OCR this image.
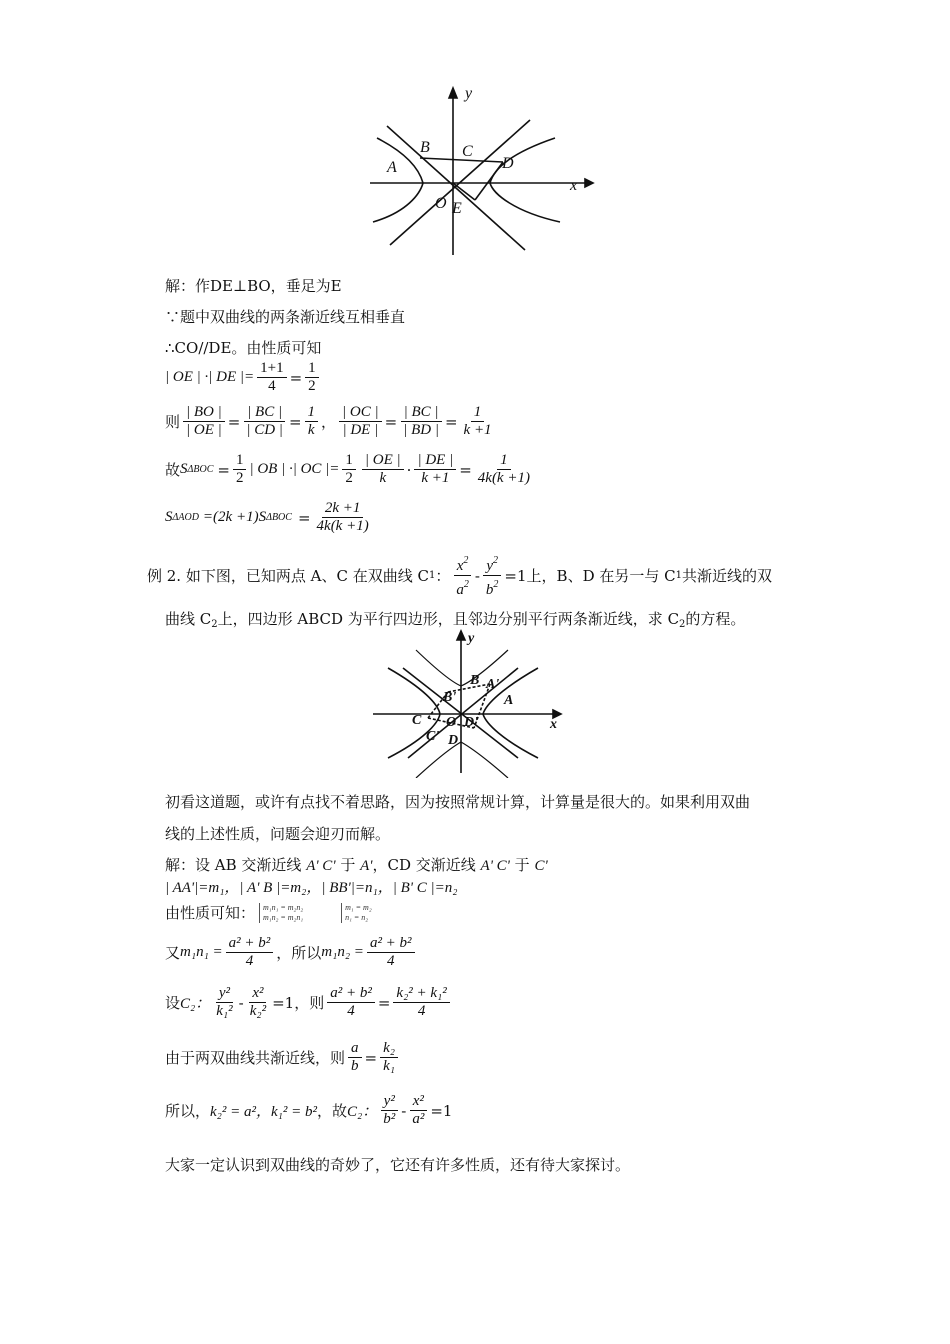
y
x
A
B C
D
O E
解：作DE⊥BO，垂足为E
∵题中双曲线的两条渐近线互相垂直
∴CO//DE。由性质可知
| OE | ·| DE |= $\frac{1+1}{4} = \frac{1}{2}$
则 $\frac{| BO |}{| OE |} = \frac{| BC |}{| CD |} = \frac{1}{k}$ ， $\frac{| OC |}{| DE |} = \frac{| BC |}{| BD |} = \frac{1}{k +1}$
故 S $\Delta BOC = \frac{1}{2}$ | OB | ·| OC |= $\frac{1}{2} \frac{| OE |}{k} \cdot \frac{| DE |}{k +1} = \frac{1}{4k(k +1)}$
S ΔAOD =(2k +1)S $\Delta BOC = \frac{2k +1}{4k(k +1)}$
例 2. 如下图，已知两点 A、C 在双曲线 C 1 ：
$x^2$
$a^2 - \frac{y^2}{b^2} =1$ 上，B、D 在另一与 C 1 共渐近线的双
曲线 $C_2$上，四边形 ABCD 为平行四边形，且邻边分别平行两条渐近线，求 $C_2$的方程。
y
x
B A'
A
B'
C O D'
C' D
初看这道题，或许有点找不着思路，因为按照常规计算，计算量是很大的。如果利用双曲
线的上述性质，问题会迎刃而解。
解：设 AB 交渐近线 A' C' 于 A'，CD 交渐近线 A' C' 于 C'
| AA'|=m₁，| A' B |=m₂，| BB'|=n₁，| B' C |=n₂
由性质可知： m₁n₁ = m₂n₂
m₁n₂ = m₂n₁
m₁ = m₂
n₁ = n₂
又 $m_1n_1 = \frac{\text{a² + b²}}{4}$ ，所以 $m_1n_2 = \frac{\text{a² + b²}}{4}$
设 C₂：
y²
$k_1^2 - \frac{\text{x²}}{\text{k₂²}} =1$，则 $\frac{\text{a² + b²}}{4} = \frac{\text{k₂² + k₁²}}{4}$
由于两双曲线共渐近线，则 $\frac{a}{b} = \frac{\text{k₂}}{\text{k₁}}$
所以， k₂² = a²，k₁² = b² ，故 C₂：
y²
$b^2 - \frac{\text{x²}}{\text{a²}} =1$
大家一定认识到双曲线的奇妙了，它还有许多性质，还有待大家探讨。
